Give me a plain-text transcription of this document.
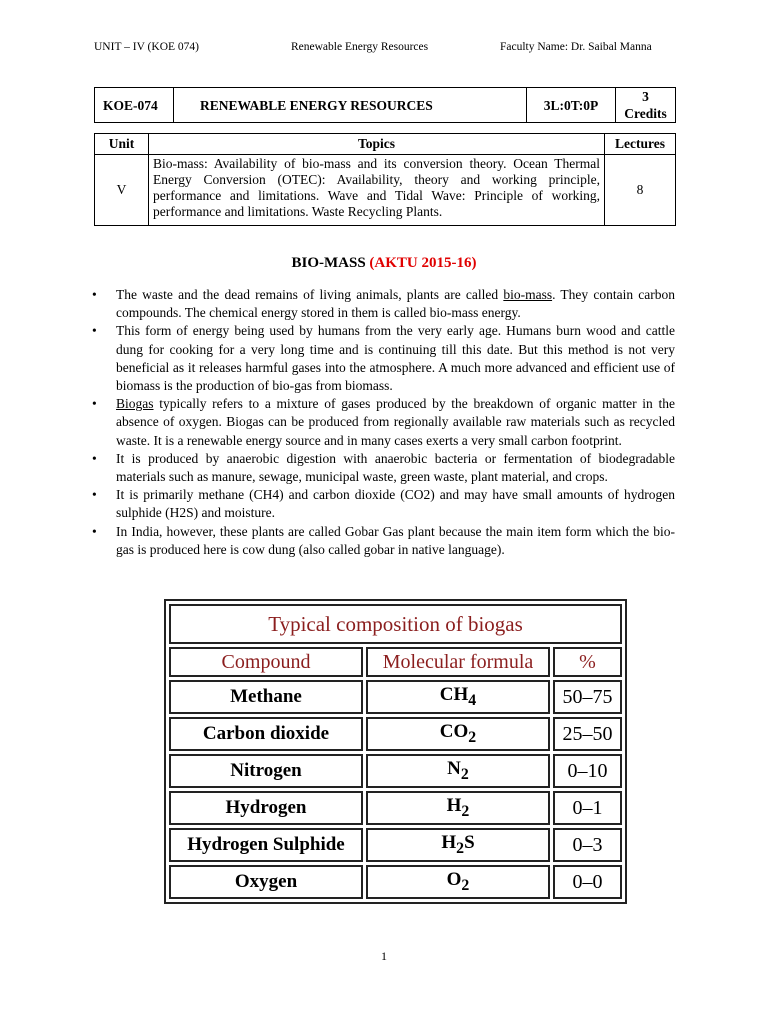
UNIT – IV (KOE 074)	Renewable Energy Resources	Faculty Name: Dr. Saibal Manna
KOE-074	RENEWABLE ENERGY RESOURCES	3L:0T:0P	3 Credits
Unit	Topics	Lectures
V	Bio-mass: Availability of bio-mass and its conversion theory. Ocean Thermal Energy Conversion (OTEC): Availability, theory and working principle, performance and limitations. Wave and Tidal Wave: Principle of working, performance and limitations. Waste Recycling Plants.	8
BIO-MASS (AKTU 2015-16)
• The waste and the dead remains of living animals, plants are called bio-mass. They contain carbon compounds. The chemical energy stored in them is called bio-mass energy.
• This form of energy being used by humans from the very early age. Humans burn wood and cattle dung for cooking for a very long time and is continuing till this date. But this method is not very beneficial as it releases harmful gases into the atmosphere. A much more advanced and efficient use of biomass is the production of bio-gas from biomass.
• Biogas typically refers to a mixture of gases produced by the breakdown of organic matter in the absence of oxygen. Biogas can be produced from regionally available raw materials such as recycled waste. It is a renewable energy source and in many cases exerts a very small carbon footprint.
• It is produced by anaerobic digestion with anaerobic bacteria or fermentation of biodegradable materials such as manure, sewage, municipal waste, green waste, plant material, and crops.
• It is primarily methane (CH4) and carbon dioxide (CO2) and may have small amounts of hydrogen sulphide (H2S) and moisture.
• In India, however, these plants are called Gobar Gas plant because the main item form which the bio-gas is produced here is cow dung (also called gobar in native language).
Typical composition of biogas		
Compound	Molecular formula	%
Methane	$CH_4$	50–75
Carbon dioxide	$CO_2$	25–50
Nitrogen	$N_2$	0–10
Hydrogen	$H_2$	0–1
Hydrogen Sulphide	$H_2S$	0–3
Oxygen	$O_2$	0–0
1
